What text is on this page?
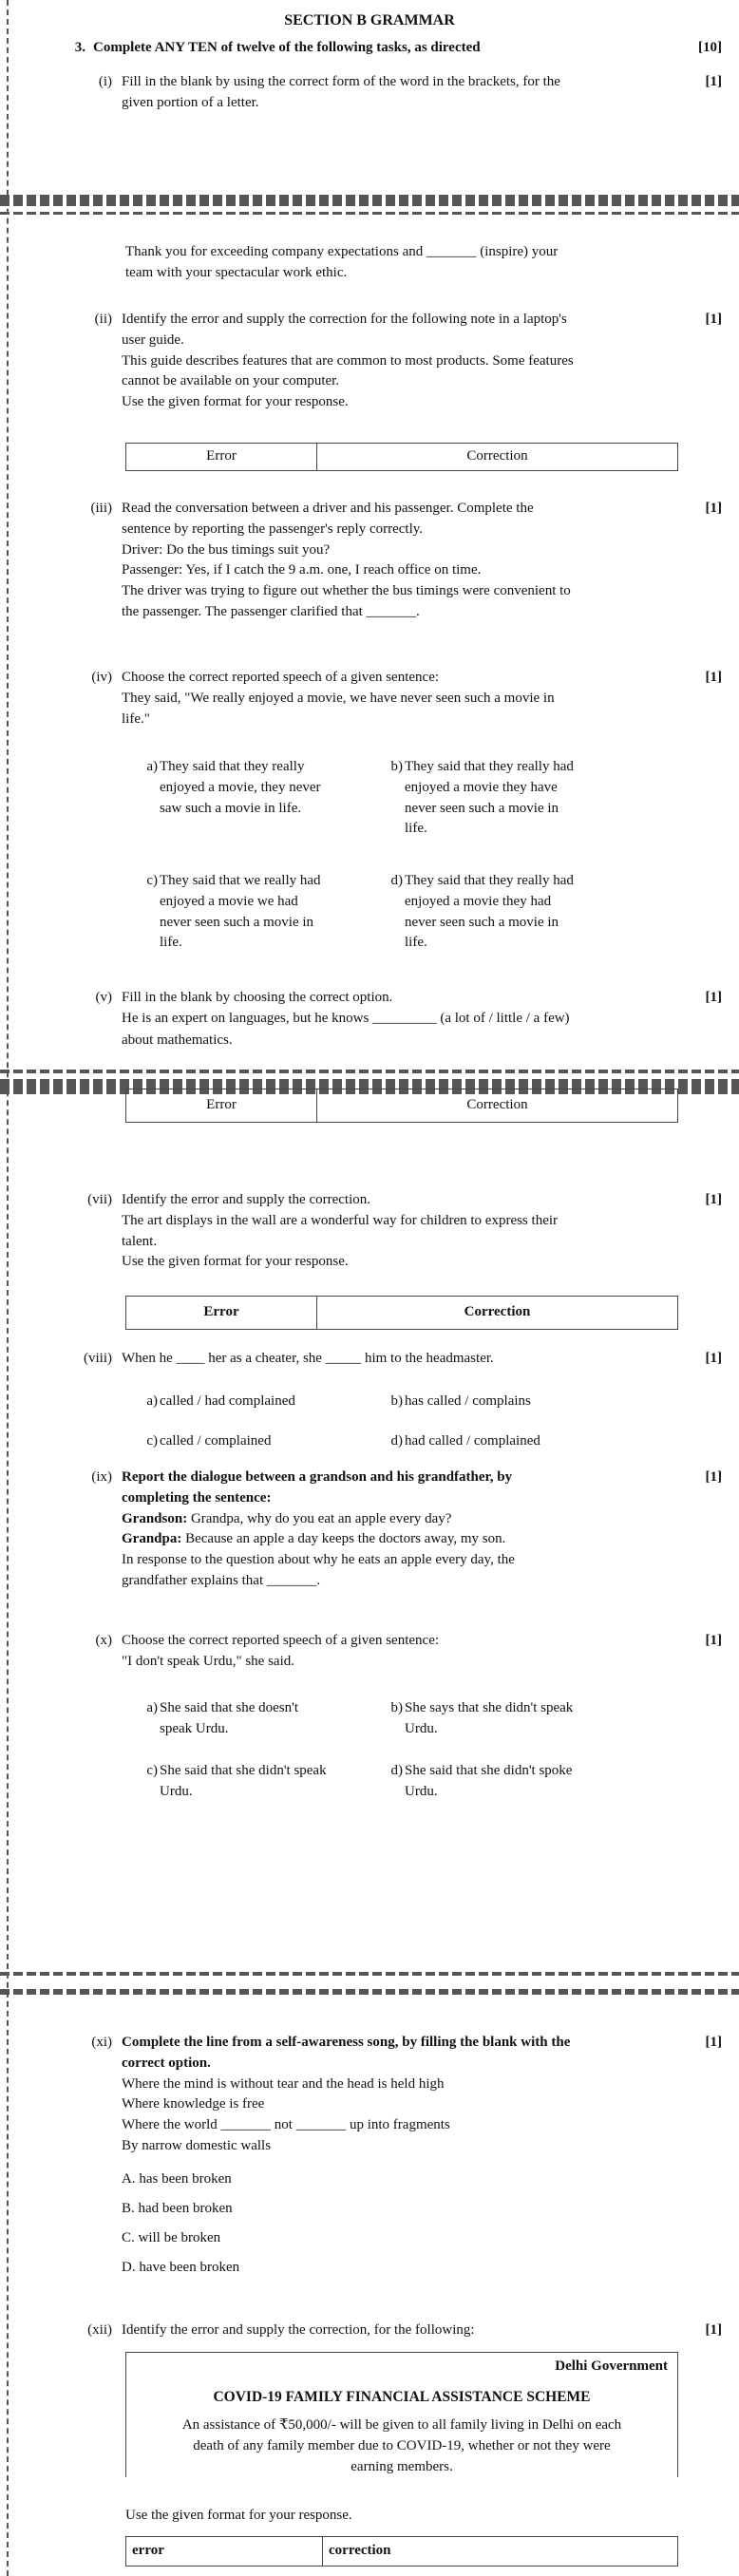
SECTION B GRAMMAR
3. Complete ANY TEN of twelve of the following tasks, as directed	[10]
(i) Fill in the blank by using the correct form of the word in the brackets, for the
given portion of a letter.
[1]
Thank you for exceeding company expectations and _______ (inspire) your
team with your spectacular work ethic.
(ii) Identify the error and supply the correction for the following note in a laptop's
user guide.
This guide describes features that are common to most products. Some features
cannot be available on your computer.
Use the given format for your response.
[1]
Error	Correction
(iii) Read the conversation between a driver and his passenger. Complete the
sentence by reporting the passenger's reply correctly.
Driver: Do the bus timings suit you?
Passenger: Yes, if I catch the 9 a.m. one, I reach office on time.
The driver was trying to figure out whether the bus timings were convenient to
the passenger. The passenger clarified that _______.
[1]
(iv) Choose the correct reported speech of a given sentence:
They said, "We really enjoyed a movie, we have never seen such a movie in
life."
[1]
a) They said that they really
enjoyed a movie, they never
saw such a movie in life.
b) They said that they really had
enjoyed a movie they have
never seen such a movie in
life.
c) They said that we really had
enjoyed a movie we had
never seen such a movie in
life.
d) They said that they really had
enjoyed a movie they had
never seen such a movie in
life.
(v) Fill in the blank by choosing the correct option.
He is an expert on languages, but he knows _________ (a lot of / little / a few)
about mathematics.
[1]
Error	Correction
(vii) Identify the error and supply the correction.
The art displays in the wall are a wonderful way for children to express their
talent.
Use the given format for your response.
[1]
Error	Correction
(viii) When he ____ her as a cheater, she _____ him to the headmaster.	[1]
a) called / had complained	b) has called / complains
c) called / complained	d) had called / complained
(ix) Report the dialogue between a grandson and his grandfather, by
completing the sentence:
Grandson: Grandpa, why do you eat an apple every day?
Grandpa: Because an apple a day keeps the doctors away, my son.
In response to the question about why he eats an apple every day, the
grandfather explains that _______.
[1]
(x) Choose the correct reported speech of a given sentence:
"I don't speak Urdu," she said.
[1]
a) She said that she doesn't
speak Urdu.
b) She says that she didn't speak
Urdu.
c) She said that she didn't speak
Urdu.
d) She said that she didn't spoke
Urdu.
(xi) Complete the line from a self-awareness song, by filling the blank with the
correct option.
Where the mind is without tear and the head is held high
Where knowledge is free
Where the world _______ not _______ up into fragments
By narrow domestic walls
A. has been broken
B. had been broken
C. will be broken
D. have been broken
[1]
(xii) Identify the error and supply the correction, for the following:	[1]
Delhi Government
COVID-19 FAMILY FINANCIAL ASSISTANCE SCHEME
An assistance of ₹50,000/- will be given to all family living in Delhi on each
death of any family member due to COVID-19, whether or not they were
earning members.
Use the given format for your response.
error	correction
